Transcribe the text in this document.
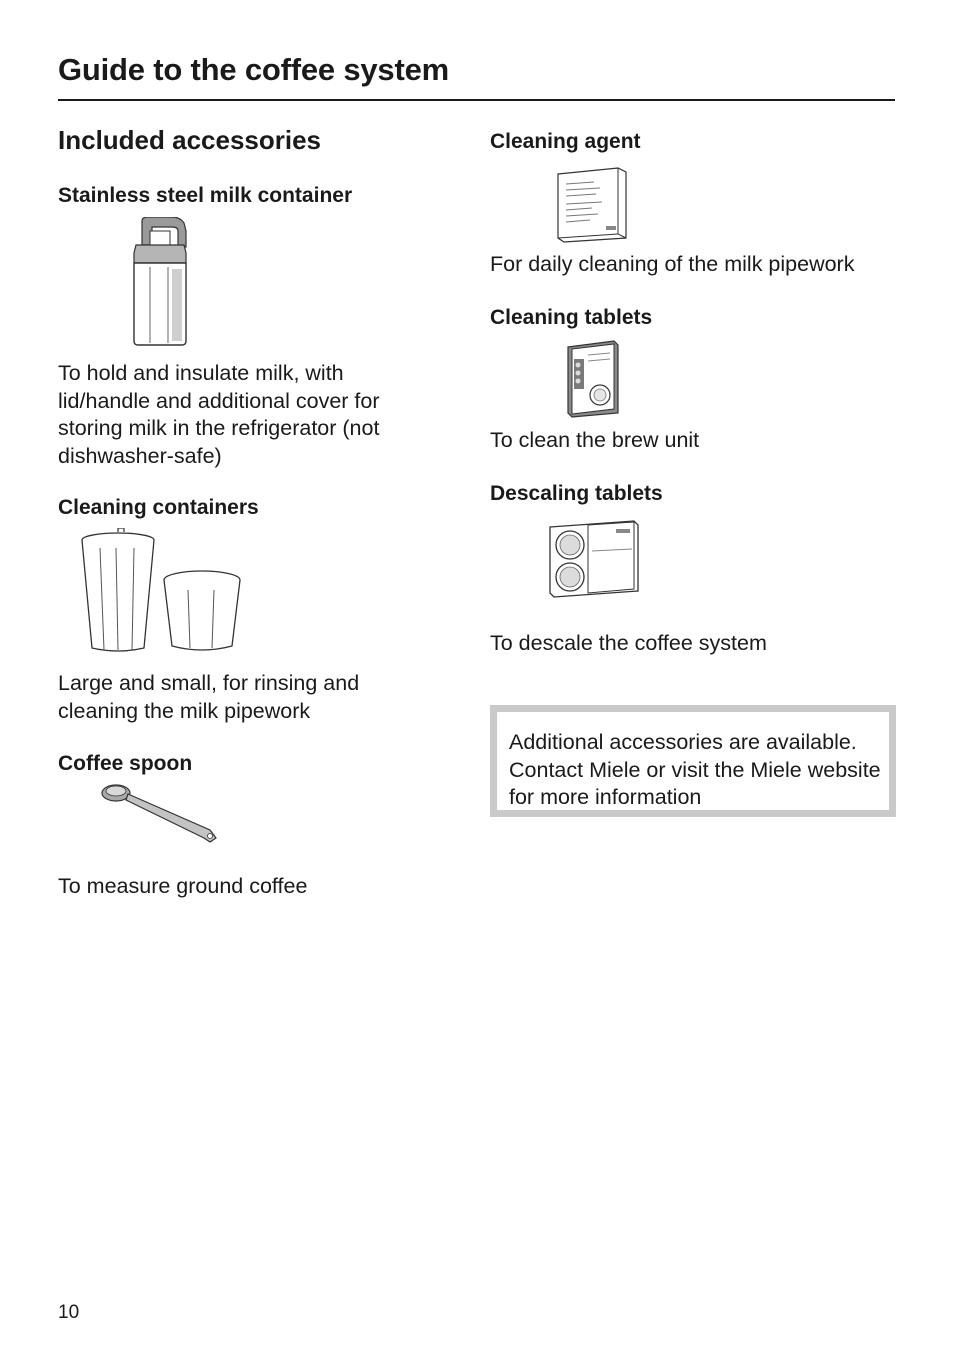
Guide to the coffee system
Included accessories
Stainless steel milk container

To hold and insulate milk, with lid/handle and additional cover for storing milk in the refrigerator (not dishwasher-safe)

Cleaning containers

Large and small, for rinsing and cleaning the milk pipework

Coffee spoon

To measure ground coffee

Cleaning agent

For daily cleaning of the milk pipework

Cleaning tablets

To clean the brew unit

Descaling tablets

To descale the coffee system

Additional accessories are available. Contact Miele or visit the Miele website for more information

10
